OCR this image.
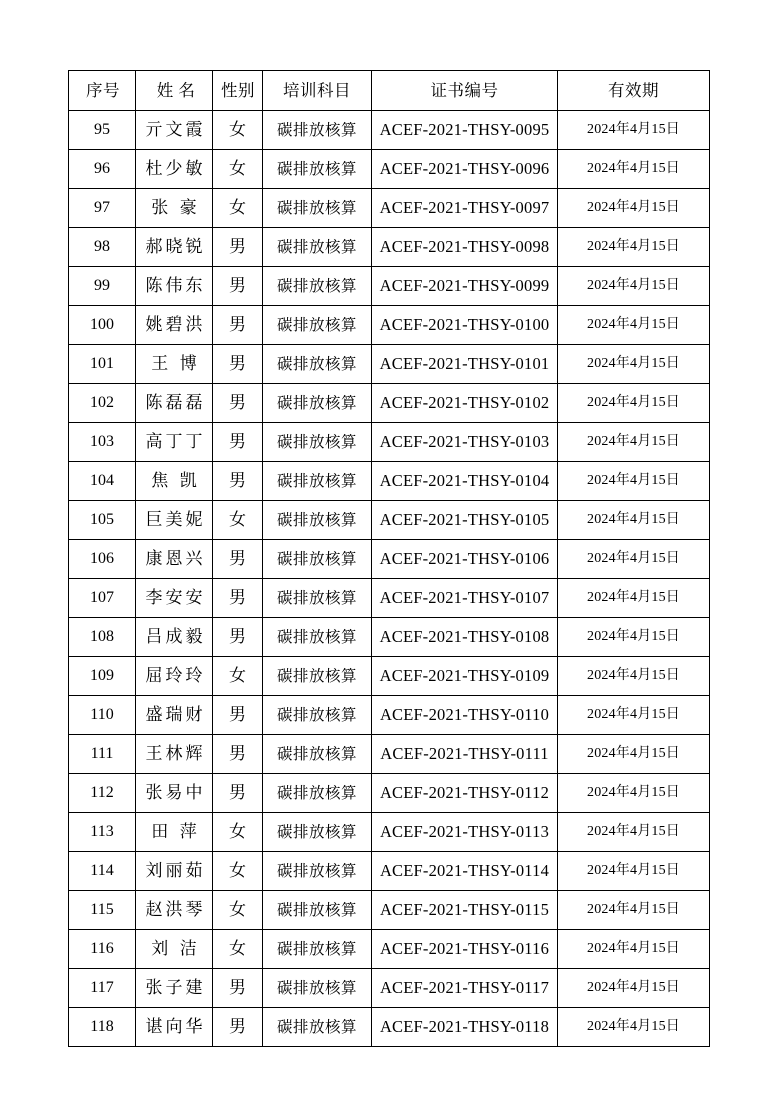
序号	姓 名	性别	培训科目	证书编号	有效期
95	亓文霞	女	碳排放核算	ACEF-2021-THSY-0095	2024年4月15日
96	杜少敏	女	碳排放核算	ACEF-2021-THSY-0096	2024年4月15日
97	张 豪	女	碳排放核算	ACEF-2021-THSY-0097	2024年4月15日
98	郝晓锐	男	碳排放核算	ACEF-2021-THSY-0098	2024年4月15日
99	陈伟东	男	碳排放核算	ACEF-2021-THSY-0099	2024年4月15日
100	姚碧洪	男	碳排放核算	ACEF-2021-THSY-0100	2024年4月15日
101	王 博	男	碳排放核算	ACEF-2021-THSY-0101	2024年4月15日
102	陈磊磊	男	碳排放核算	ACEF-2021-THSY-0102	2024年4月15日
103	高丁丁	男	碳排放核算	ACEF-2021-THSY-0103	2024年4月15日
104	焦 凯	男	碳排放核算	ACEF-2021-THSY-0104	2024年4月15日
105	巨美妮	女	碳排放核算	ACEF-2021-THSY-0105	2024年4月15日
106	康恩兴	男	碳排放核算	ACEF-2021-THSY-0106	2024年4月15日
107	李安安	男	碳排放核算	ACEF-2021-THSY-0107	2024年4月15日
108	吕成毅	男	碳排放核算	ACEF-2021-THSY-0108	2024年4月15日
109	屈玲玲	女	碳排放核算	ACEF-2021-THSY-0109	2024年4月15日
110	盛瑞财	男	碳排放核算	ACEF-2021-THSY-0110	2024年4月15日
111	王林辉	男	碳排放核算	ACEF-2021-THSY-0111	2024年4月15日
112	张易中	男	碳排放核算	ACEF-2021-THSY-0112	2024年4月15日
113	田 萍	女	碳排放核算	ACEF-2021-THSY-0113	2024年4月15日
114	刘丽茹	女	碳排放核算	ACEF-2021-THSY-0114	2024年4月15日
115	赵洪琴	女	碳排放核算	ACEF-2021-THSY-0115	2024年4月15日
116	刘 洁	女	碳排放核算	ACEF-2021-THSY-0116	2024年4月15日
117	张子建	男	碳排放核算	ACEF-2021-THSY-0117	2024年4月15日
118	谌向华	男	碳排放核算	ACEF-2021-THSY-0118	2024年4月15日
